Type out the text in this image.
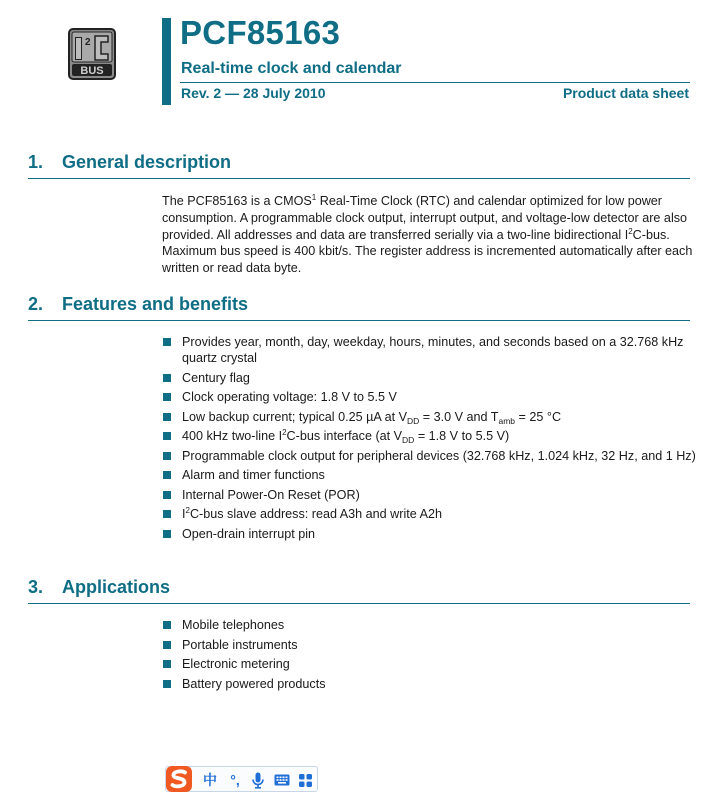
2
BUS
PCF85163
Real-time clock and calendar
Rev. 2 — 28 July 2010	Product data sheet
1. General description
The PCF85163 is a CMOS$^1$ Real-Time Clock (RTC) and calendar optimized for low power consumption. A programmable clock output, interrupt output, and voltage-low detector are also provided. All addresses and data are transferred serially via a two-line bidirectional $I^2C$-bus. Maximum bus speed is 400 kbit/s. The register address is incremented automatically after each written or read data byte.
2. Features and benefits
Provides year, month, day, weekday, hours, minutes, and seconds based on a 32.768 kHz quartz crystal
Century flag
Clock operating voltage: 1.8 V to 5.5 V
Low backup current; typical 0.25 µA at $V_{DD} = 3.0$ V and $T_{amb} = 25$ °C
400 kHz two-line $I^2C$-bus interface (at $V_{DD} = 1.8$ V to 5.5 V)
Programmable clock output for peripheral devices (32.768 kHz, 1.024 kHz, 32 Hz, and 1 Hz)
Alarm and timer functions
Internal Power-On Reset (POR)
$I^2C$-bus slave address: read A3h and write A2h
Open-drain interrupt pin
3. Applications
Mobile telephones
Portable instruments
Electronic metering
Battery powered products
中 °,
